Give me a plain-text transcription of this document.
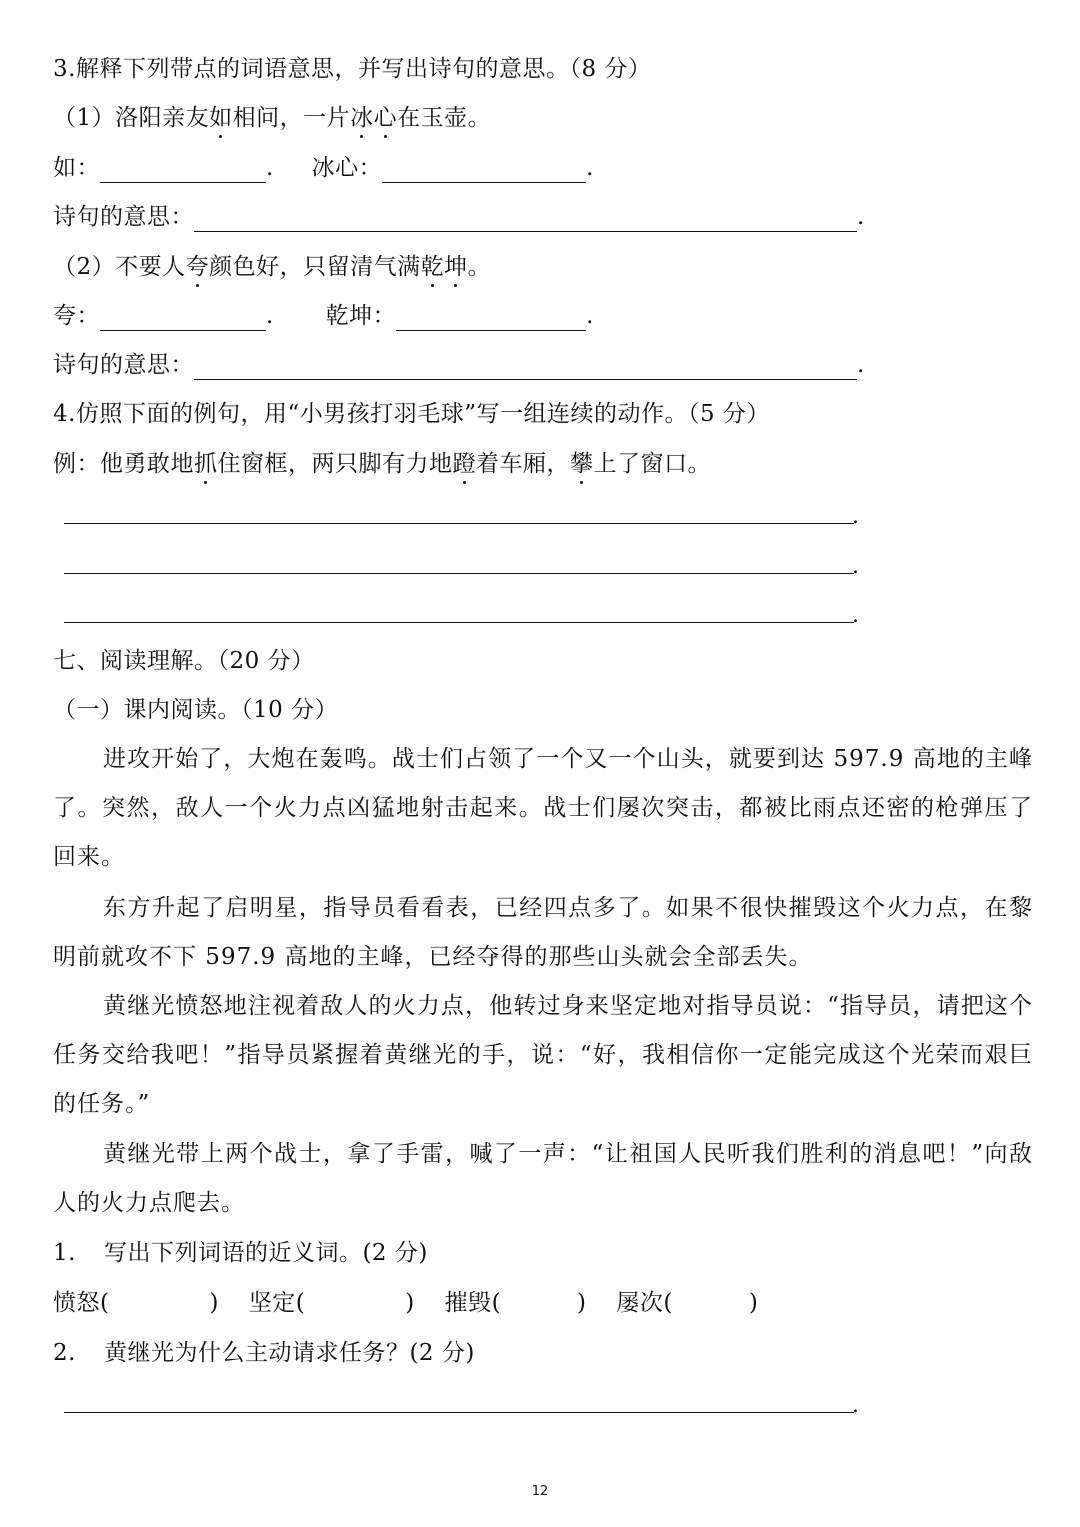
3.解释下列带点的词语意思，并写出诗句的意思。（8 分）
（1）洛阳亲友如相问，一片冰心在玉壶。
如：	. 冰心：	.
诗句的意思：	.
（2）不要人夸颜色好，只留清气满乾坤。
夸：	. 乾坤：	.
诗句的意思：	.
4.仿照下面的例句，用“小男孩打羽毛球”写一组连续的动作。（5 分）
例：他勇敢地抓住窗框，两只脚有力地蹬着车厢，攀上了窗口。
.
.
.
七、阅读理解。（20 分）
（一）课内阅读。（10 分）
进攻开始了，大炮在轰鸣。战士们占领了一个又一个山头，就要到达 597.9 高地的主峰了。突然，敌人一个火力点凶猛地射击起来。战士们屡次突击，都被比雨点还密的枪弹压了回来。
东方升起了启明星，指导员看看表，已经四点多了。如果不很快摧毁这个火力点，在黎明前就攻不下 597.9 高地的主峰，已经夺得的那些山头就会全部丢失。
黄继光愤怒地注视着敌人的火力点，他转过身来坚定地对指导员说：“指导员，请把这个任务交给我吧！”指导员紧握着黄继光的手，说：“好，我相信你一定能完成这个光荣而艰巨的任务。”
黄继光带上两个战士，拿了手雷，喊了一声：“让祖国人民听我们胜利的消息吧！”向敌人的火力点爬去。
1. 写出下列词语的近义词。(2 分)
愤怒(	) 坚定(	) 摧毁(	) 屡次(	)
2. 黄继光为什么主动请求任务？(2 分)
.
12
